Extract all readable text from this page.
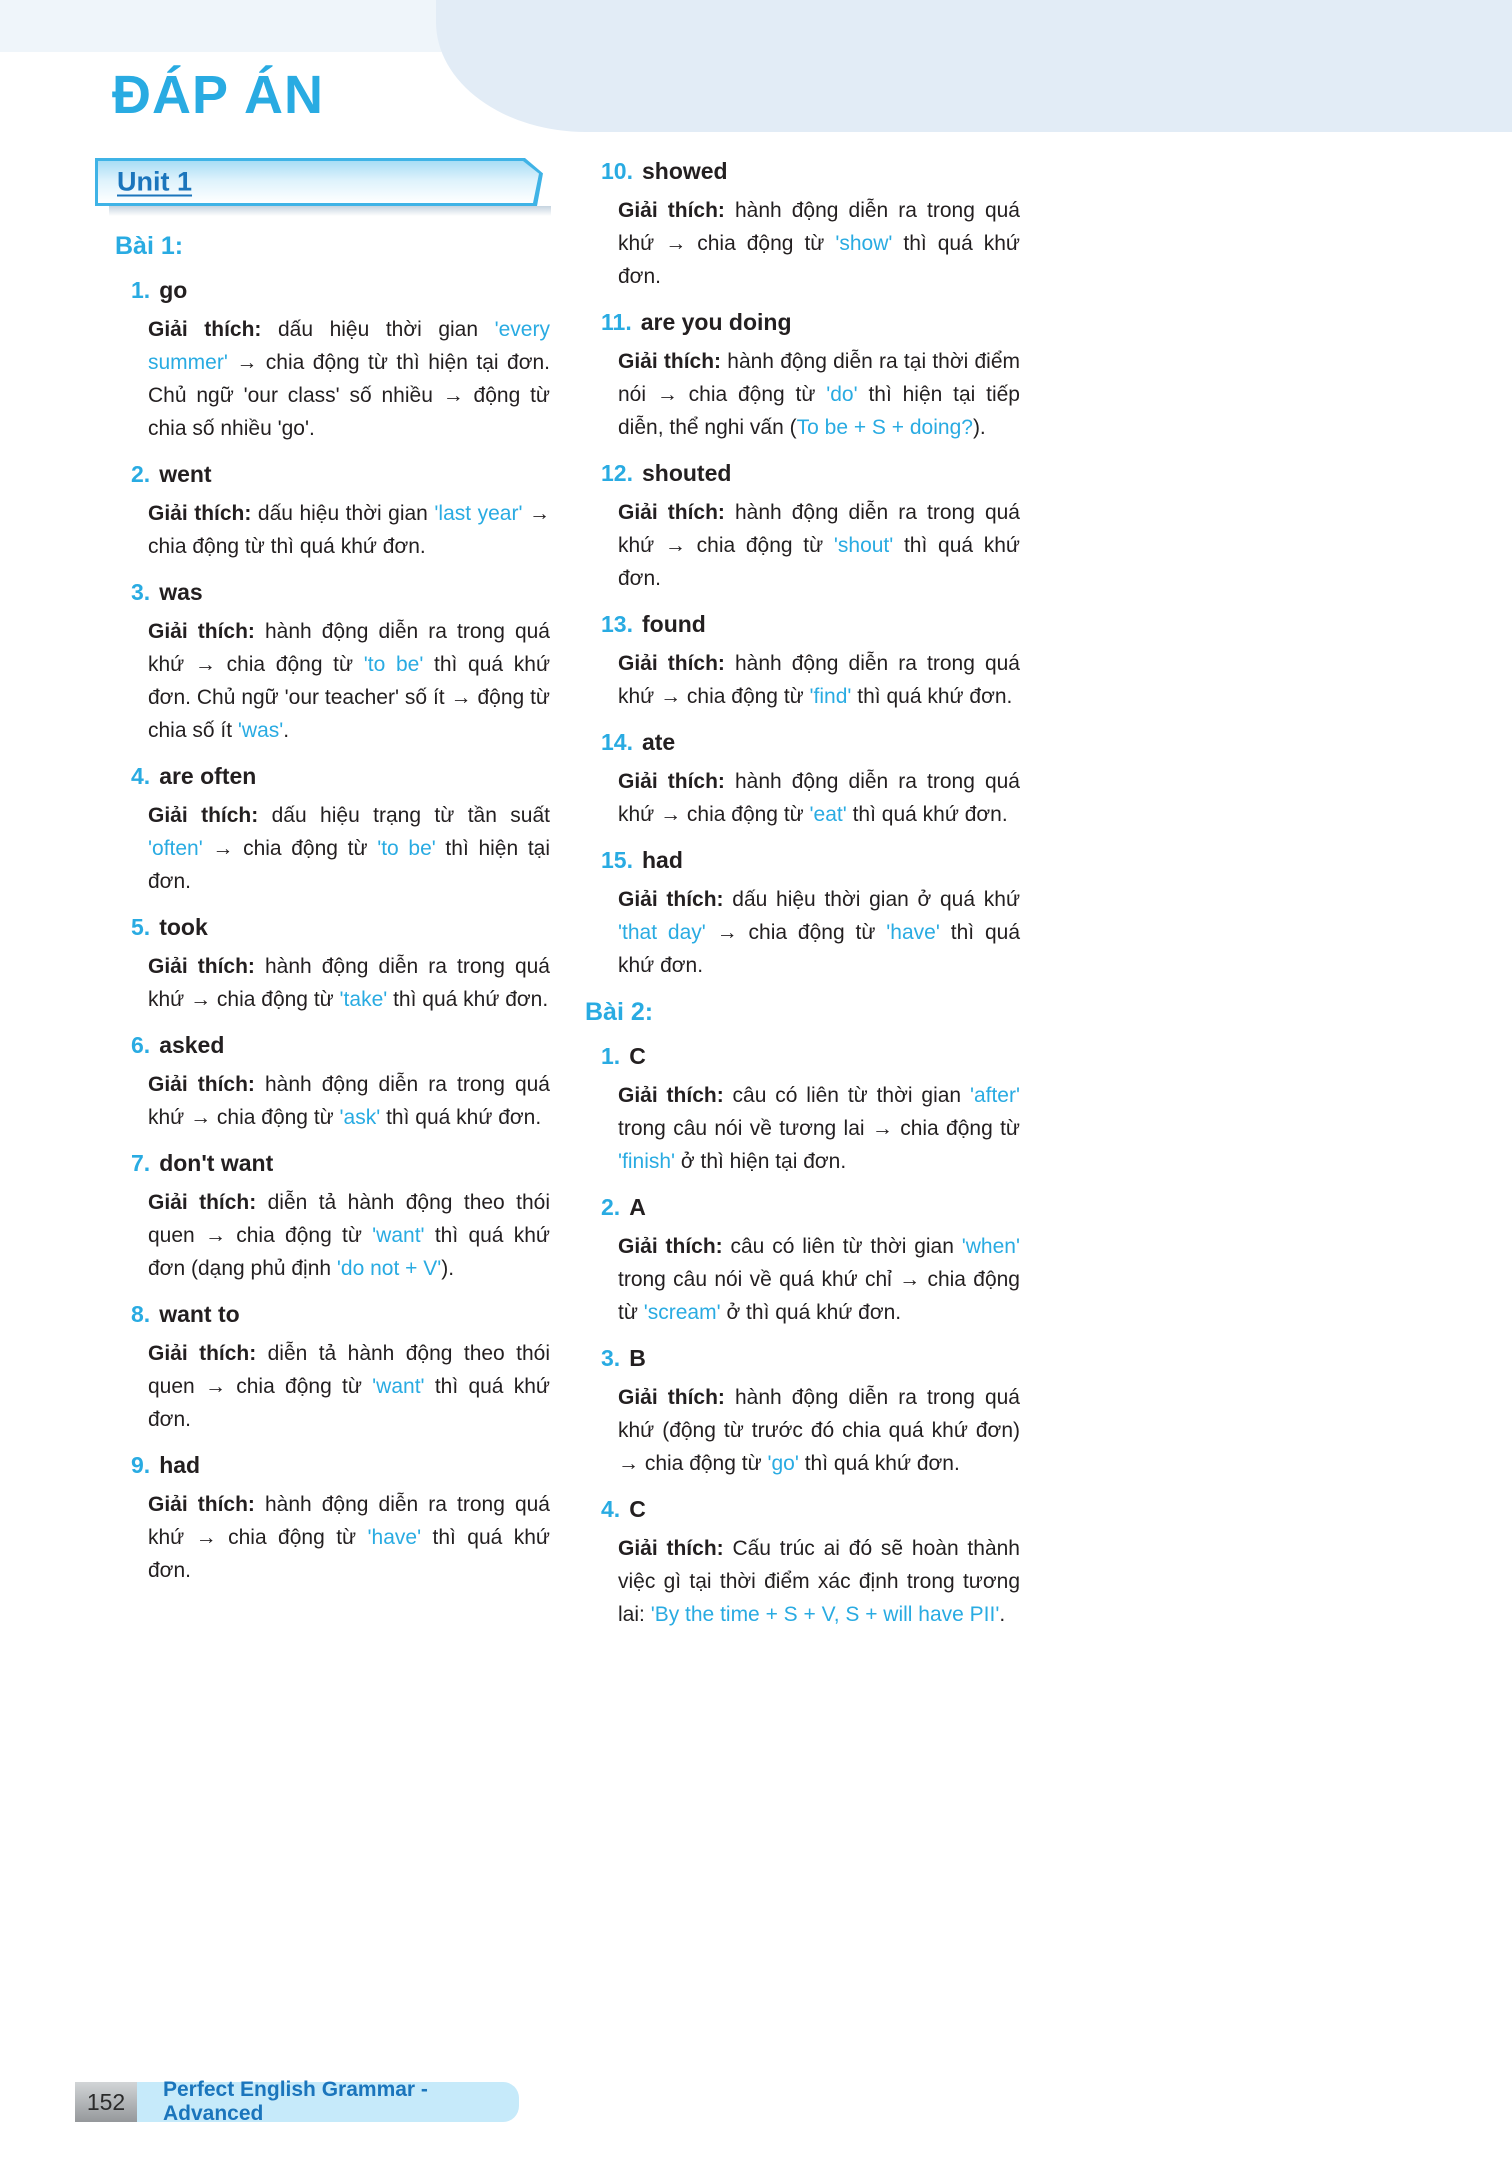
ĐÁP ÁN
Unit 1
Bài 1:
1. go

Giải thích: dấu hiệu thời gian 'every summer' → chia động từ thì hiện tại đơn. Chủ ngữ 'our class' số nhiều → động từ chia số nhiều 'go'.

2. went

Giải thích: dấu hiệu thời gian 'last year' → chia động từ thì quá khứ đơn.

3. was

Giải thích: hành động diễn ra trong quá khứ → chia động từ 'to be' thì quá khứ đơn. Chủ ngữ 'our teacher' số ít → động từ chia số ít 'was'.

4. are often

Giải thích: dấu hiệu trạng từ tần suất 'often' → chia động từ 'to be' thì hiện tại đơn.

5. took

Giải thích: hành động diễn ra trong quá khứ → chia động từ 'take' thì quá khứ đơn.

6. asked

Giải thích: hành động diễn ra trong quá khứ → chia động từ 'ask' thì quá khứ đơn.

7. don't want

Giải thích: diễn tả hành động theo thói quen → chia động từ 'want' thì quá khứ đơn (dạng phủ định 'do not + V').

8. want to

Giải thích: diễn tả hành động theo thói quen → chia động từ 'want' thì quá khứ đơn.

9. had

Giải thích: hành động diễn ra trong quá khứ → chia động từ 'have' thì quá khứ đơn.

10. showed

Giải thích: hành động diễn ra trong quá khứ → chia động từ 'show' thì quá khứ đơn.

11. are you doing

Giải thích: hành động diễn ra tại thời điểm nói → chia động từ 'do' thì hiện tại tiếp diễn, thể nghi vấn (To be + S + doing?).

12. shouted

Giải thích: hành động diễn ra trong quá khứ → chia động từ 'shout' thì quá khứ đơn.

13. found

Giải thích: hành động diễn ra trong quá khứ → chia động từ 'find' thì quá khứ đơn.

14. ate

Giải thích: hành động diễn ra trong quá khứ → chia động từ 'eat' thì quá khứ đơn.

15. had

Giải thích: dấu hiệu thời gian ở quá khứ 'that day' → chia động từ 'have' thì quá khứ đơn.

Bài 2:
1. C

Giải thích: câu có liên từ thời gian 'after' trong câu nói về tương lai → chia động từ 'finish' ở thì hiện tại đơn.

2. A

Giải thích: câu có liên từ thời gian 'when' trong câu nói về quá khứ chỉ → chia động từ 'scream' ở thì quá khứ đơn.

3. B

Giải thích: hành động diễn ra trong quá khứ (động từ trước đó chia quá khứ đơn) → chia động từ 'go' thì quá khứ đơn.

4. C

Giải thích: Cấu trúc ai đó sẽ hoàn thành việc gì tại thời điểm xác định trong tương lai: 'By the time + S + V, S + will have PII'.

152	Perfect English Grammar - Advanced
